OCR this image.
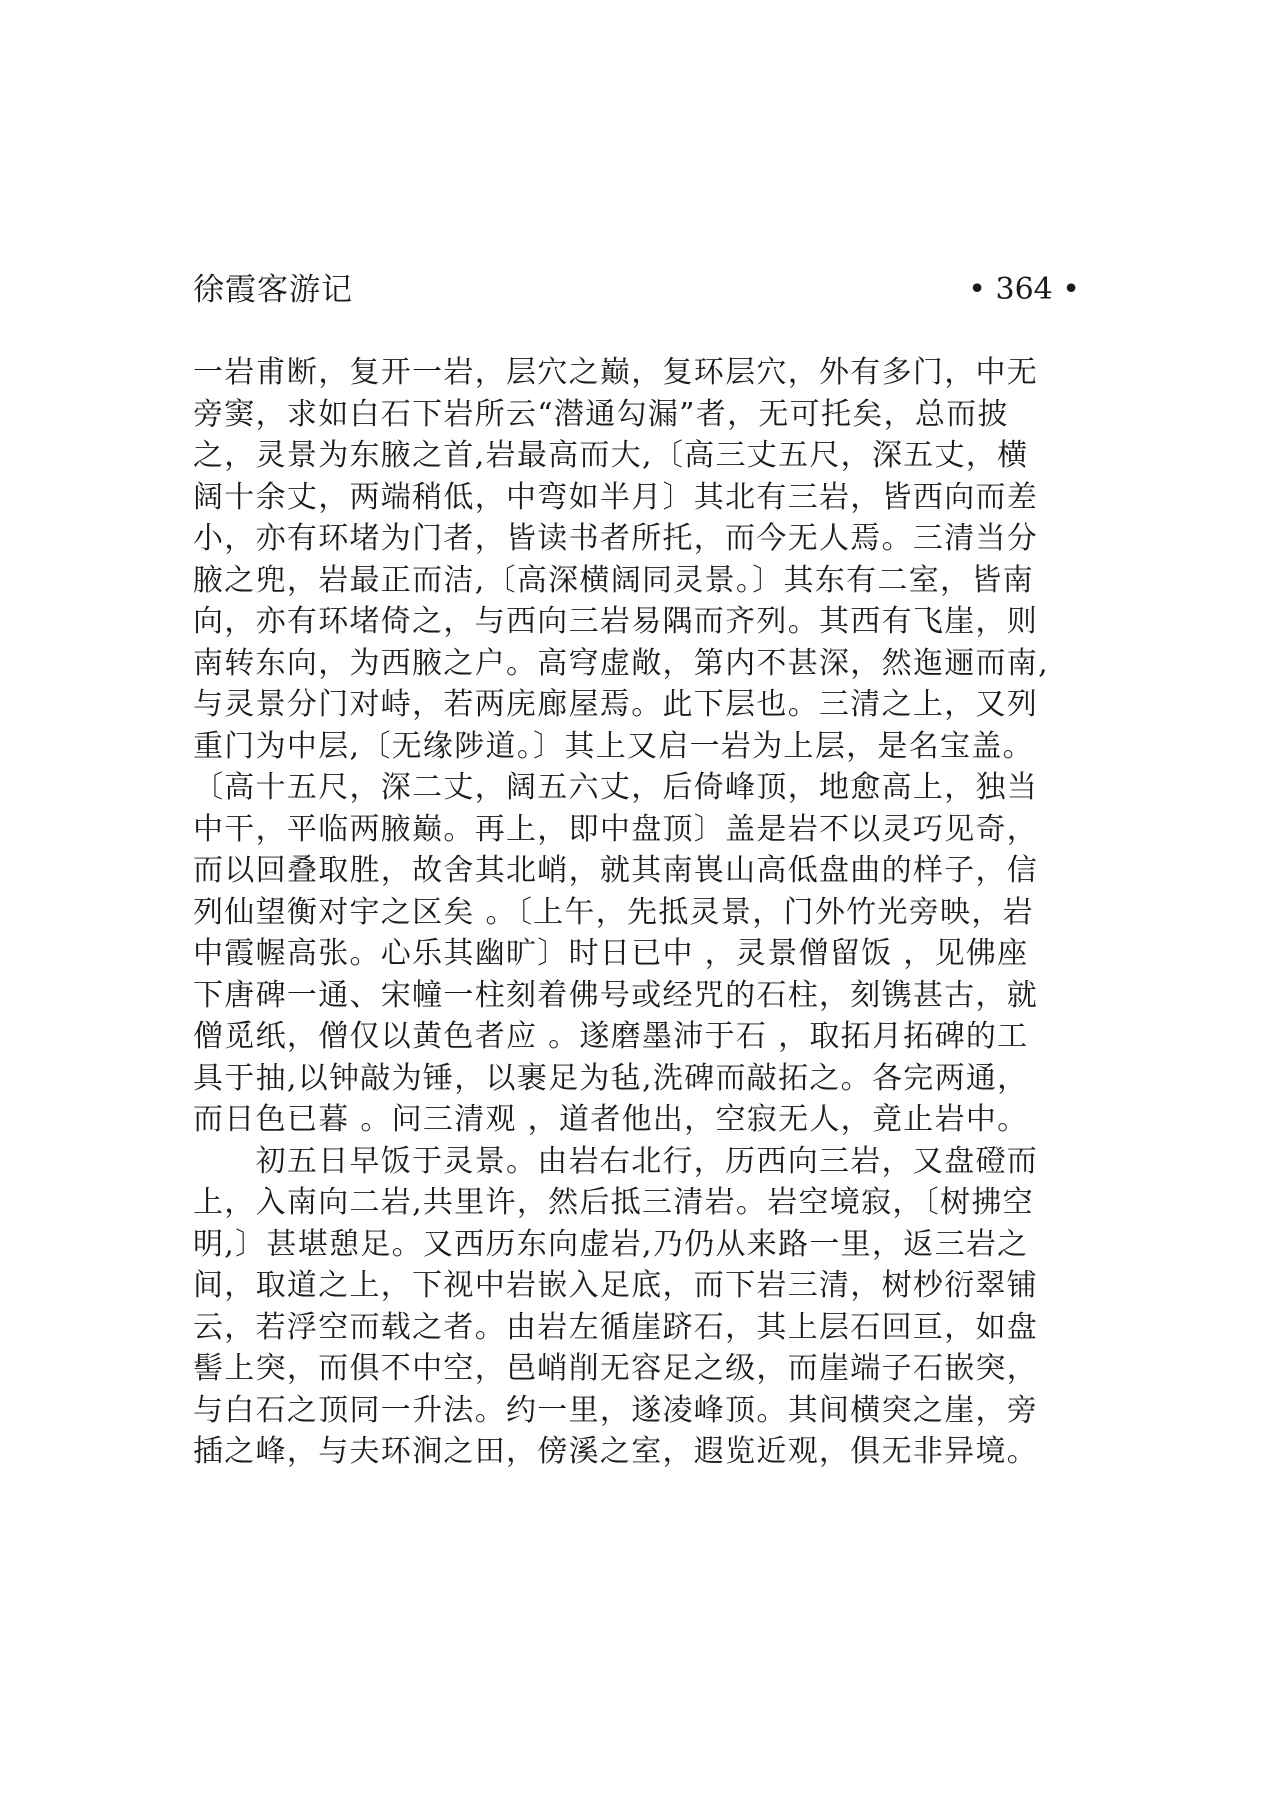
徐霞客游记	• 364 •
一岩甫断，复开一岩，层穴之巅，复环层穴，外有多门，中无
旁窦，求如白石下岩所云“潜通勾漏”者，无可托矣，总而披
之，灵景为东腋之首,岩最高而大,〔高三丈五尺，深五丈，横
阔十余丈，两端稍低，中弯如半月〕其北有三岩，皆西向而差
小，亦有环堵为门者，皆读书者所托，而今无人焉。三清当分
腋之兜，岩最正而洁,〔高深横阔同灵景。〕其东有二室，皆南
向，亦有环堵倚之，与西向三岩易隅而齐列。其西有飞崖，则
南转东向，为西腋之户。高穹虚敞，第内不甚深，然迤逦而南,
与灵景分门对峙，若两庑廊屋焉。此下层也。三清之上，又列
重门为中层,〔无缘陟道。〕其上又启一岩为上层，是名宝盖。
〔高十五尺，深二丈，阔五六丈，后倚峰顶，地愈高上，独当
中干，平临两腋巅。再上，即中盘顶〕盖是岩不以灵巧见奇，
而以回叠取胜，故舍其北峭，就其南嵔山高低盘曲的样子，信
列仙望衡对宇之区矣 。〔上午，先抵灵景，门外竹光旁映，岩
中霞幄高张。心乐其幽旷〕时日已中 ，灵景僧留饭 ，见佛座
下唐碑一通、宋幢一柱刻着佛号或经咒的石柱，刻镌甚古，就
僧觅纸，僧仅以黄色者应 。遂磨墨沛于石 ，取拓月拓碑的工
具于抽,以钟敲为锤，以裹足为毡,洗碑而敲拓之。各完两通，
而日色已暮 。问三清观 ，道者他出，空寂无人，竟止岩中。
　　初五日早饭于灵景。由岩右北行，历西向三岩，又盘磴而
上，入南向二岩,共里许，然后抵三清岩。岩空境寂，〔树拂空
明,〕甚堪憩足。又西历东向虚岩,乃仍从来路一里，返三岩之
间，取道之上，下视中岩嵌入足底，而下岩三清，树杪衍翠铺
云，若浮空而载之者。由岩左循崖跻石，其上层石回亘，如盘
髻上突，而俱不中空，邑峭削无容足之级，而崖端子石嵌突，
与白石之顶同一升法。约一里，遂凌峰顶。其间横突之崖，旁
插之峰，与夫环涧之田，傍溪之室，遐览近观，俱无非异境。
